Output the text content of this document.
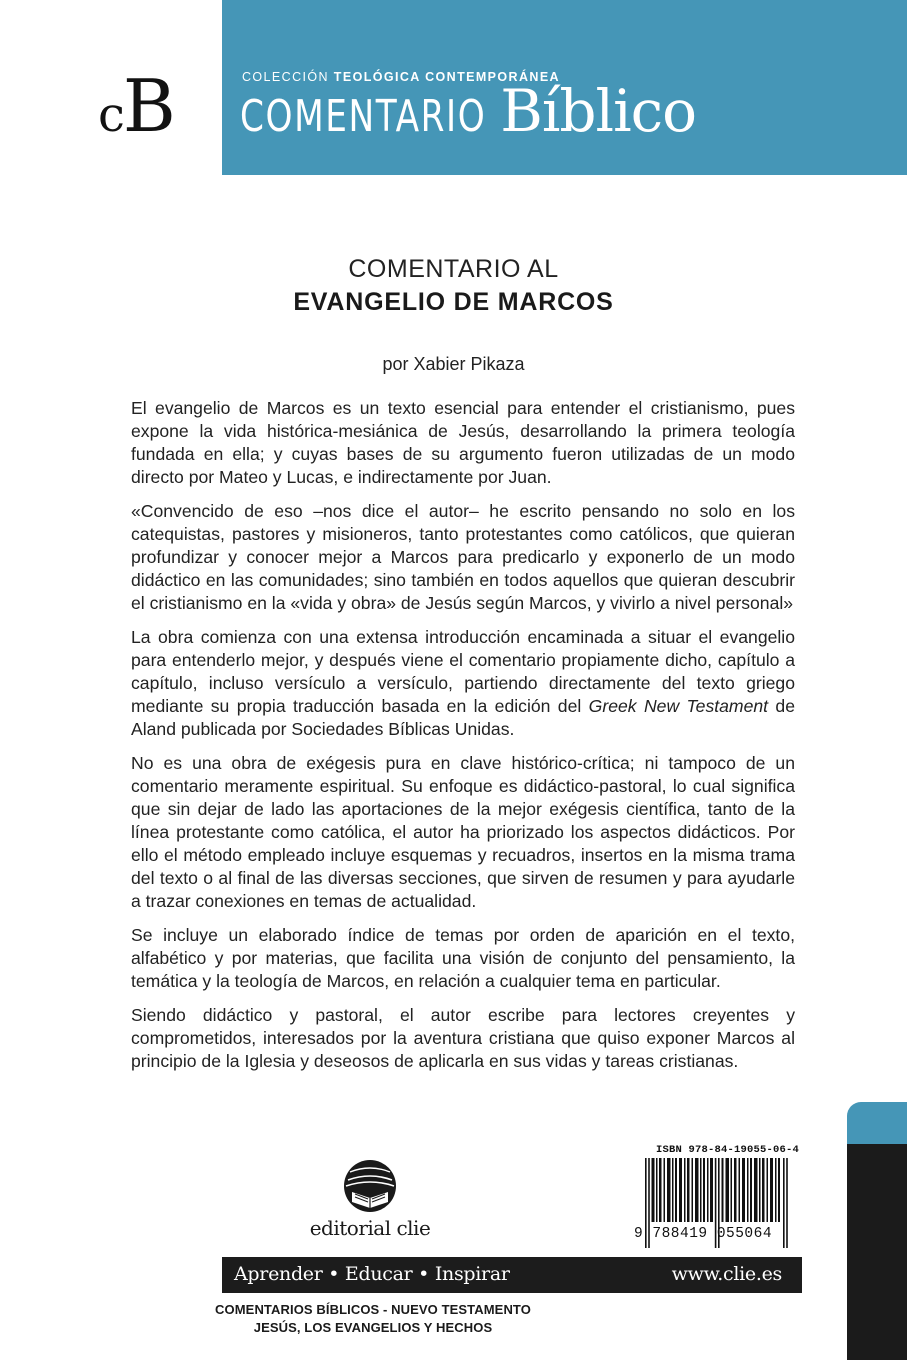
cB	COLECCIÓN TEOLÓGICA CONTEMPORÁNEA
COMENTARIO Bíblico
COMENTARIO AL
EVANGELIO DE MARCOS
por Xabier Pikaza

El evangelio de Marcos es un texto esencial para entender el cristianismo, pues expone la vida histórica-mesiánica de Jesús, desarrollando la primera teología fundada en ella; y cuyas bases de su argumento fueron utilizadas de un modo directo por Mateo y Lucas, e indirectamente por Juan.

«Convencido de eso –nos dice el autor– he escrito pensando no solo en los catequistas, pastores y misioneros, tanto protestantes como católicos, que quieran profundizar y conocer mejor a Marcos para predicarlo y exponerlo de un modo didáctico en las comunidades; sino también en todos aquellos que quieran descubrir el cristianismo en la «vida y obra» de Jesús según Marcos, y vivirlo a nivel personal»

La obra comienza con una extensa introducción encaminada a situar el evangelio para entenderlo mejor, y después viene el comentario propiamente dicho, capítulo a capítulo, incluso versículo a versículo, partiendo directamente del texto griego mediante su propia traducción basada en la edición del Greek New Testament de Aland publicada por Sociedades Bíblicas Unidas.

No es una obra de exégesis pura en clave histórico-crítica; ni tampoco de un comentario meramente espiritual. Su enfoque es didáctico-pastoral, lo cual significa que sin dejar de lado las aportaciones de la mejor exégesis científica, tanto de la línea protestante como católica, el autor ha priorizado los aspectos didácticos. Por ello el método empleado incluye esquemas y recuadros, insertos en la misma trama del texto o al final de las diversas secciones, que sirven de resumen y para ayudarle a trazar conexiones en temas de actualidad.

Se incluye un elaborado índice de temas por orden de aparición en el texto, alfabético y por materias, que facilita una visión de conjunto del pensamiento, la temática y la teología de Marcos, en relación a cualquier tema en particular.

Siendo didáctico y pastoral, el autor escribe para lectores creyentes y comprometidos, interesados por la aventura cristiana que quiso exponer Marcos al principio de la Iglesia y deseosos de aplicarla en sus vidas y tareas cristianas.

editorial clie
ISBN 978-84-19055-06-4
9 788419 055064
Aprender • Educar • Inspirar	www.clie.es
COMENTARIOS BÍBLICOS - NUEVO TESTAMENTO
JESÚS, LOS EVANGELIOS Y HECHOS
